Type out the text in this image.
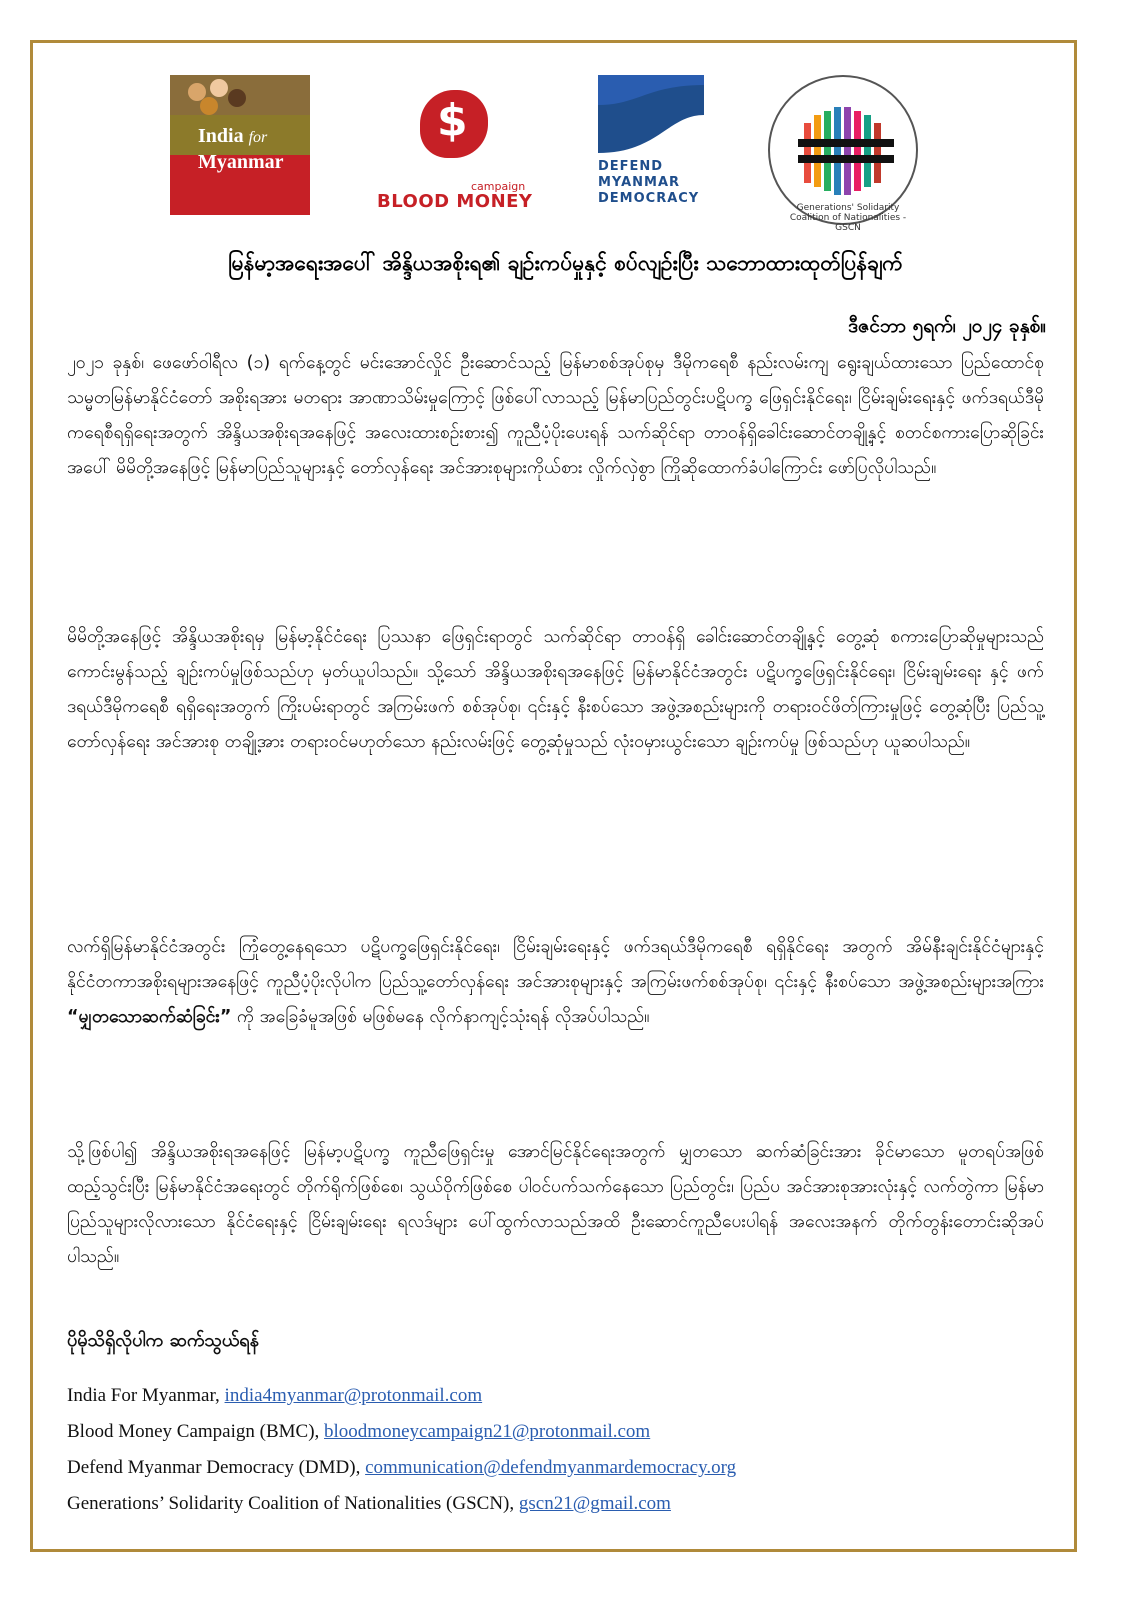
India for
Myanmar
$
campaign
BLOOD MONEY
DEFEND
MYANMAR
DEMOCRACY
Generations' Solidarity Coalition of Nationalities - GSCN
မြန်မာ့အရေးအပေါ် အိန္ဒိယအစိုးရ၏ ချဉ်းကပ်မှုနှင့် စပ်လျဉ်းပြီး သဘောထားထုတ်ပြန်ချက်
ဒီဇင်ဘာ ၅ရက်၊ ၂၀၂၄ ခုနှစ်။

၂၀၂၁ ခုနှစ်၊ ဖေဖော်ဝါရီလ (၁) ရက်နေ့တွင် မင်းအောင်လှိုင် ဦးဆောင်သည့် မြန်မာစစ်အုပ်စုမှ ဒီမိုကရေစီ နည်းလမ်းကျ ရွေးချယ်ထားသော ပြည်ထောင်စုသမ္မတမြန်မာနိုင်ငံတော် အစိုးရအား မတရား အာဏာသိမ်းမှုကြောင့် ဖြစ်ပေါ်လာသည့် မြန်မာပြည်တွင်းပဋိပက္ခ ဖြေရှင်းနိုင်ရေး၊ ငြိမ်းချမ်းရေးနှင့် ဖက်ဒရယ်ဒီမိုကရေစီရရှိရေးအတွက် အိန္ဒိယအစိုးရအနေဖြင့် အလေးထားစဉ်းစား၍ ကူညီပံ့ပိုးပေးရန် သက်ဆိုင်ရာ တာဝန်ရှိခေါင်းဆောင်တချို့နှင့် စတင်စကားပြောဆိုခြင်းအပေါ် မိမိတို့အနေဖြင့် မြန်မာပြည်သူများနှင့် တော်လှန်ရေး အင်အားစုများကိုယ်စား လှိုက်လှဲစွာ ကြိုဆိုထောက်ခံပါကြောင်း ဖော်ပြလိုပါသည်။

မိမိတို့အနေဖြင့် အိန္ဒိယအစိုးရမှ မြန်မာ့နိုင်ငံရေး ပြဿနာ ဖြေရှင်းရာတွင် သက်ဆိုင်ရာ တာဝန်ရှိ ခေါင်းဆောင်တချို့နှင့် တွေ့ဆုံ စကားပြောဆိုမှုများသည် ကောင်းမွန်သည့် ချဉ်းကပ်မှုဖြစ်သည်ဟု မှတ်ယူပါသည်။ သို့သော် အိန္ဒိယအစိုးရအနေဖြင့် မြန်မာနိုင်ငံအတွင်း ပဋိပက္ခဖြေရှင်းနိုင်ရေး၊ ငြိမ်းချမ်းရေး နှင့် ဖက်ဒရယ်ဒီမိုကရေစီ ရရှိရေးအတွက် ကြိုးပမ်းရာတွင် အကြမ်းဖက် စစ်အုပ်စု၊ ၎င်းနှင့် နီးစပ်သော အဖွဲ့အစည်းများကို တရားဝင်ဖိတ်ကြားမှုဖြင့် တွေ့ဆုံပြီး ပြည်သူ့တော်လှန်ရေး အင်အားစု တချို့အား တရားဝင်မဟုတ်သော နည်းလမ်းဖြင့် တွေ့ဆုံမှုသည် လုံးဝမှားယွင်းသော ချဉ်းကပ်မှု ဖြစ်သည်ဟု ယူဆပါသည်။

လက်ရှိမြန်မာနိုင်ငံအတွင်း ကြုံတွေ့နေရသော ပဋိပက္ခဖြေရှင်းနိုင်ရေး၊ ငြိမ်းချမ်းရေးနှင့် ဖက်ဒရယ်ဒီမိုကရေစီ ရရှိနိုင်ရေး အတွက် အိမ်နီးချင်းနိုင်ငံများနှင့် နိုင်ငံတကာအစိုးရများအနေဖြင့် ကူညီပံ့ပိုးလိုပါက ပြည်သူ့တော်လှန်ရေး အင်အားစုများနှင့် အကြမ်းဖက်စစ်အုပ်စု၊ ၎င်းနှင့် နီးစပ်သော အဖွဲ့အစည်းများအကြား “မျှတသောဆက်ဆံခြင်း” ကို အခြေခံမူအဖြစ် မဖြစ်မနေ လိုက်နာကျင့်သုံးရန် လိုအပ်ပါသည်။

သို့ဖြစ်ပါ၍ အိန္ဒိယအစိုးရအနေဖြင့် မြန်မာ့ပဋိပက္ခ ကူညီဖြေရှင်းမှု အောင်မြင်နိုင်ရေးအတွက် မျှတသော ဆက်ဆံခြင်းအား ခိုင်မာသော မူတရပ်အဖြစ်ထည့်သွင်းပြီး မြန်မာနိုင်ငံအရေးတွင် တိုက်ရိုက်ဖြစ်စေ၊ သွယ်ဝိုက်ဖြစ်စေ ပါဝင်ပက်သက်နေသော ပြည်တွင်း၊ ပြည်ပ အင်အားစုအားလုံးနှင့် လက်တွဲကာ မြန်မာပြည်သူများလိုလားသော နိုင်ငံရေးနှင့် ငြိမ်းချမ်းရေး ရလဒ်များ ပေါ်ထွက်လာသည်အထိ ဦးဆောင်ကူညီပေးပါရန် အလေးအနက် တိုက်တွန်းတောင်းဆိုအပ်ပါသည်။

ပိုမိုသိရှိလိုပါက ဆက်သွယ်ရန်
India For Myanmar, india4myanmar@protonmail.com
Blood Money Campaign (BMC), bloodmoneycampaign21@protonmail.com
Defend Myanmar Democracy (DMD), communication@defendmyanmardemocracy.org
Generations’ Solidarity Coalition of Nationalities (GSCN), gscn21@gmail.com
